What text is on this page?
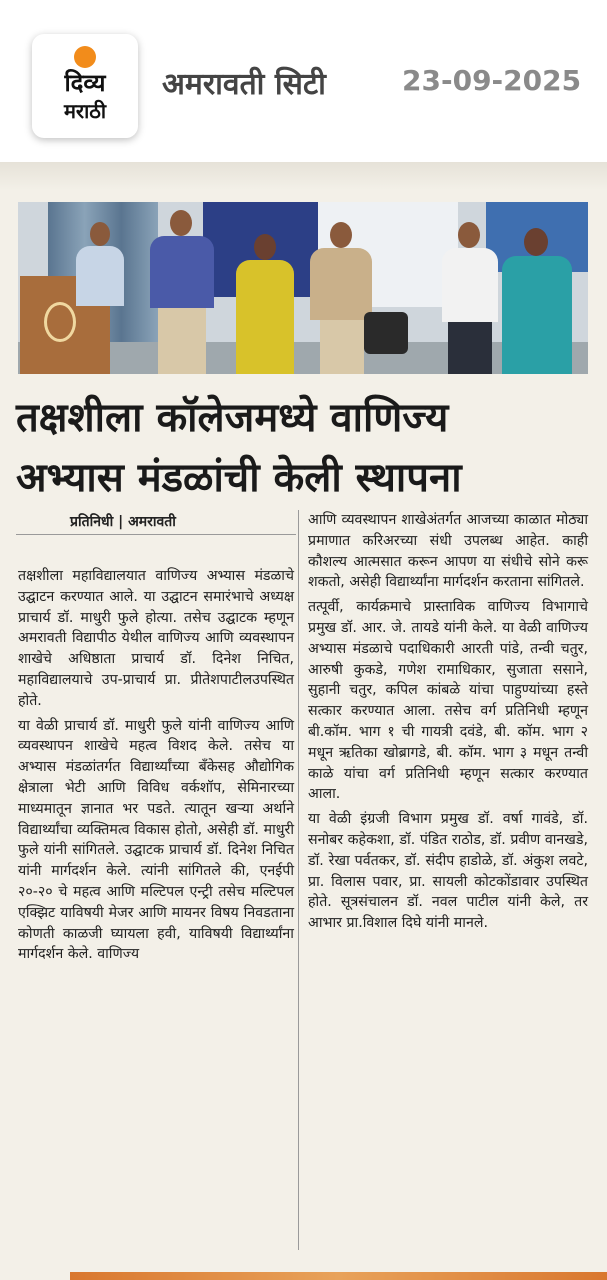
दिव्य
मराठी
अमरावती सिटी	23-09-2025
तक्षशीला कॉलेजमध्ये वाणिज्य
अभ्यास मंडळांची केली स्थापना
प्रतिनिधी | अमरावती

तक्षशीला महाविद्यालयात वाणिज्य अभ्यास मंडळाचे उद्घाटन करण्यात आले. या उद्घाटन समारंभाचे अध्यक्ष प्राचार्य डॉ. माधुरी फुले होत्या. तसेच उद्घाटक म्हणून अमरावती विद्यापीठ येथील वाणिज्य आणि व्यवस्थापन शाखेचे अधिष्ठाता प्राचार्य डॉ. दिनेश निचित, महाविद्यालयाचे उप-प्राचार्य प्रा. प्रीतेशपाटीलउपस्थित होते.

या वेळी प्राचार्य डॉ. माधुरी फुले यांनी वाणिज्य आणि व्यवस्थापन शाखेचे महत्व विशद केले. तसेच या अभ्यास मंडळांतर्गत विद्यार्थ्यांच्या बँकेसह औद्योगिक क्षेत्राला भेटी आणि विविध वर्कशॉप, सेमिनारच्या माध्यमातून ज्ञानात भर पडते. त्यातून खऱ्या अर्थाने विद्यार्थ्यांचा व्यक्तिमत्व विकास होतो, असेही डॉ. माधुरी फुले यांनी सांगितले. उद्घाटक प्राचार्य डॉ. दिनेश निचित यांनी मार्गदर्शन केले. त्यांनी सांगितले की, एनईपी २०-२० चे महत्व आणि मल्टिपल एन्ट्री तसेच मल्टिपल एक्झिट याविषयी मेजर आणि मायनर विषय निवडताना कोणती काळजी घ्यायला हवी, याविषयी विद्यार्थ्यांना मार्गदर्शन केले. वाणिज्य

आणि व्यवस्थापन शाखेअंतर्गत आजच्या काळात मोठ्या प्रमाणात करिअरच्या संधी उपलब्ध आहेत. काही कौशल्य आत्मसात करून आपण या संधीचे सोने करू शकतो, असेही विद्यार्थ्यांना मार्गदर्शन करताना सांगितले.

तत्पूर्वी, कार्यक्रमाचे प्रास्ताविक वाणिज्य विभागाचे प्रमुख डॉ. आर. जे. तायडे यांनी केले. या वेळी वाणिज्य अभ्यास मंडळाचे पदाधिकारी आरती पांडे, तन्वी चतुर, आरुषी कुकडे, गणेश रामाधिकार, सुजाता ससाने, सुहानी चतुर, कपिल कांबळे यांचा पाहुण्यांच्या हस्ते सत्कार करण्यात आला. तसेच वर्ग प्रतिनिधी म्हणून बी.कॉम. भाग १ ची गायत्री दवंडे, बी. कॉम. भाग २ मधून ऋतिका खोब्रागडे, बी. कॉम. भाग ३ मधून तन्वी काळे यांचा वर्ग प्रतिनिधी म्हणून सत्कार करण्यात आला.

या वेळी इंग्रजी विभाग प्रमुख डॉ. वर्षा गावंडे, डॉ. सनोबर कहेकशा, डॉ. पंडित राठोड, डॉ. प्रवीण वानखडे, डॉ. रेखा पर्वतकर, डॉ. संदीप हाडोळे, डॉ. अंकुश लवटे, प्रा. विलास पवार, प्रा. सायली कोटकोंडावार उपस्थित होते. सूत्रसंचालन डॉ. नवल पाटील यांनी केले, तर आभार प्रा.विशाल दिघे यांनी मानले.
